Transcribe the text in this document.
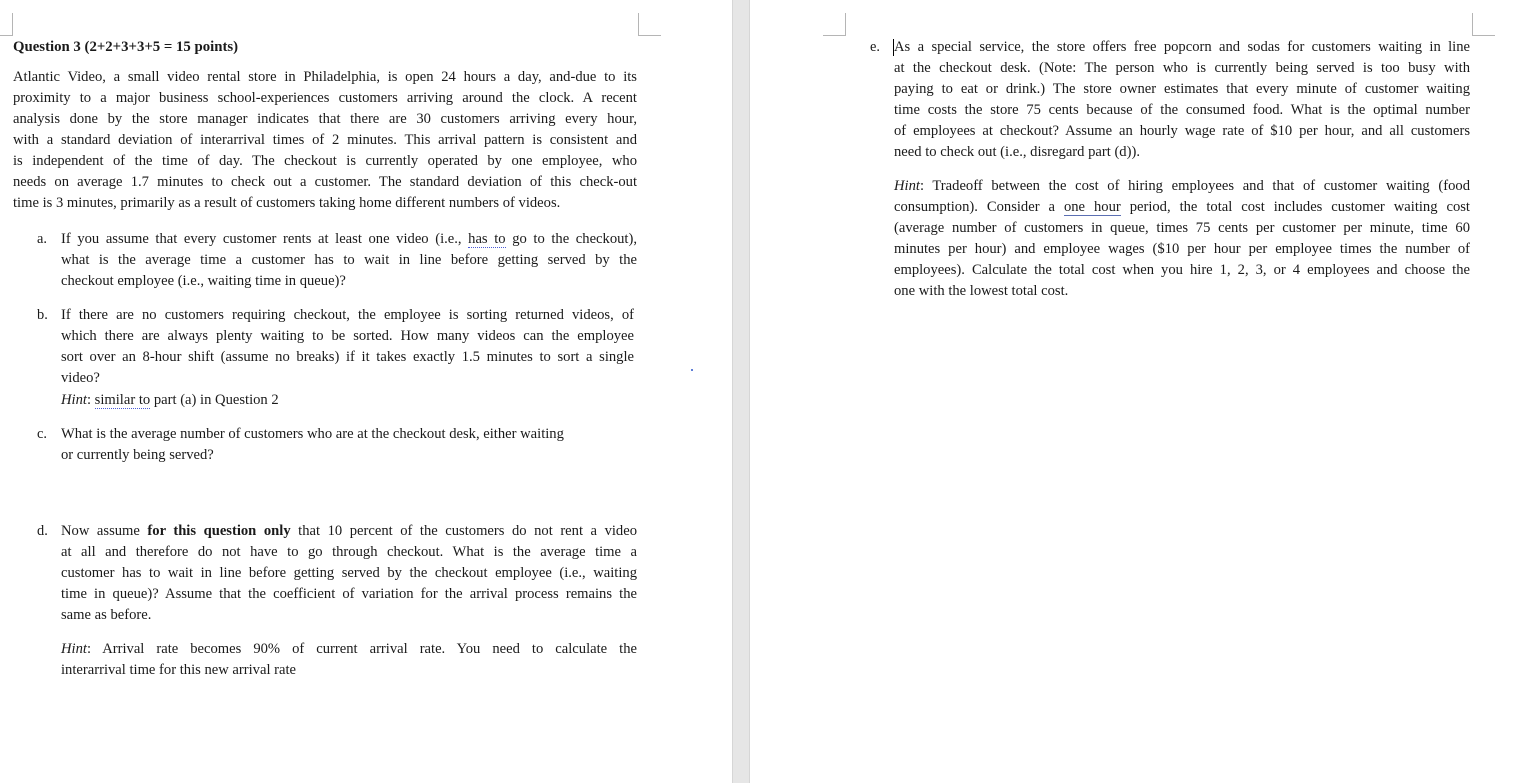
Question 3 (2+2+3+3+5 = 15 points)
Atlantic Video, a small video rental store in Philadelphia, is open 24 hours a day, and-due to its
proximity to a major business school-experiences customers arriving around the clock. A recent
analysis done by the store manager indicates that there are 30 customers arriving every hour,
with a standard deviation of interarrival times of 2 minutes. This arrival pattern is consistent and
is independent of the time of day. The checkout is currently operated by one employee, who
needs on average 1.7 minutes to check out a customer. The standard deviation of this check-out
time is 3 minutes, primarily as a result of customers taking home different numbers of videos.
a. If you assume that every customer rents at least one video (i.e., has to go to the checkout),
what is the average time a customer has to wait in line before getting served by the
checkout employee (i.e., waiting time in queue)?
b. If there are no customers requiring checkout, the employee is sorting returned videos, of
which there are always plenty waiting to be sorted. How many videos can the employee
sort over an 8-hour shift (assume no breaks) if it takes exactly 1.5 minutes to sort a single
video?
Hint: similar to part (a) in Question 2
c. What is the average number of customers who are at the checkout desk, either waiting
or currently being served?
d. Now assume for this question only that 10 percent of the customers do not rent a video
at all and therefore do not have to go through checkout. What is the average time a
customer has to wait in line before getting served by the checkout employee (i.e., waiting
time in queue)? Assume that the coefficient of variation for the arrival process remains the
same as before.
Hint: Arrival rate becomes 90% of current arrival rate. You need to calculate the
interarrival time for this new arrival rate
e. As a special service, the store offers free popcorn and sodas for customers waiting in line
at the checkout desk. (Note: The person who is currently being served is too busy with
paying to eat or drink.) The store owner estimates that every minute of customer waiting
time costs the store 75 cents because of the consumed food. What is the optimal number
of employees at checkout? Assume an hourly wage rate of $10 per hour, and all customers
need to check out (i.e., disregard part (d)).
Hint: Tradeoff between the cost of hiring employees and that of customer waiting (food
consumption). Consider a one hour period, the total cost includes customer waiting cost
(average number of customers in queue, times 75 cents per customer per minute, time 60
minutes per hour) and employee wages ($10 per hour per employee times the number of
employees). Calculate the total cost when you hire 1, 2, 3, or 4 employees and choose the
one with the lowest total cost.
